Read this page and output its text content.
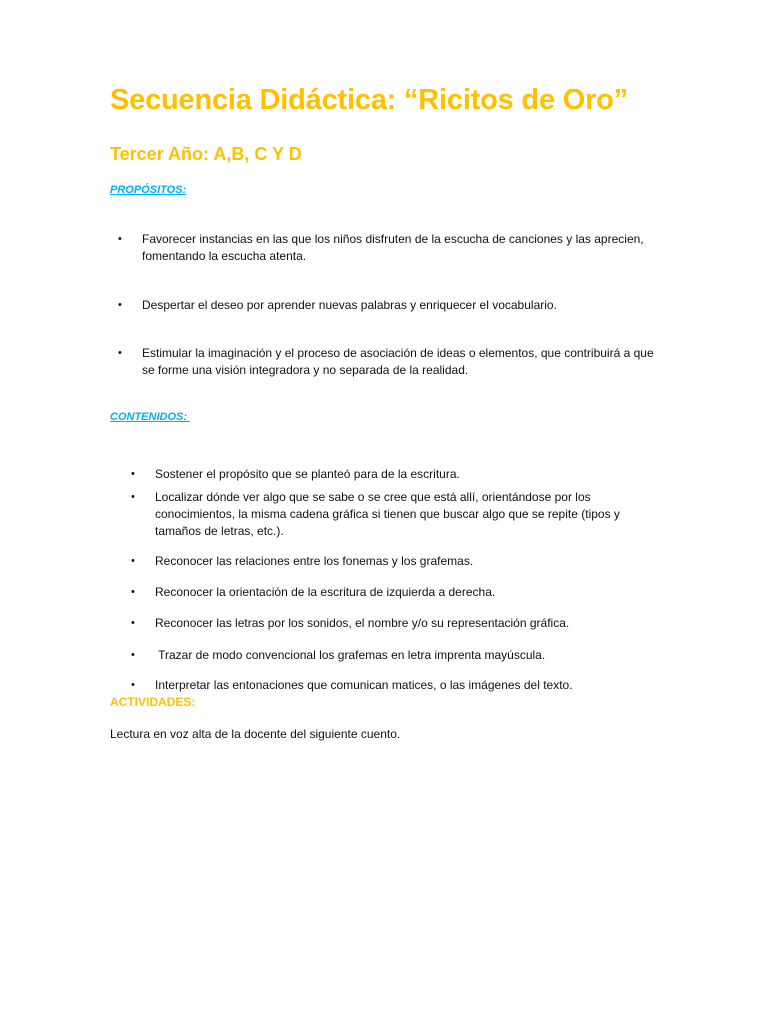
Secuencia Didáctica: “Ricitos de Oro”
Tercer Año: A,B, C Y D
PROPÓSITOS:
•	Favorecer instancias en las que los niños disfruten de la escucha de canciones y las aprecien, fomentando la escucha atenta.
•	Despertar el deseo por aprender nuevas palabras y enriquecer el vocabulario.
•	Estimular la imaginación y el proceso de asociación de ideas o elementos, que contribuirá a que se forme una visión integradora y no separada de la realidad.
CONTENIDOS:
•	Sostener el propósito que se planteó para de la escritura.
•	Localizar dónde ver algo que se sabe o se cree que está allí, orientándose por los conocimientos, la misma cadena gráfica si tienen que buscar algo que se repite (tipos y tamaños de letras, etc.).
•	Reconocer las relaciones entre los fonemas y los grafemas.
•	Reconocer la orientación de la escritura de izquierda a derecha.
•	Reconocer las letras por los sonidos, el nombre y/o su representación gráfica.
•	Trazar de modo convencional los grafemas en letra imprenta mayúscula.
•	Interpretar las entonaciones que comunican matices, o las imágenes del texto.
ACTIVIDADES:
Lectura en voz alta de la docente del siguiente cuento.
